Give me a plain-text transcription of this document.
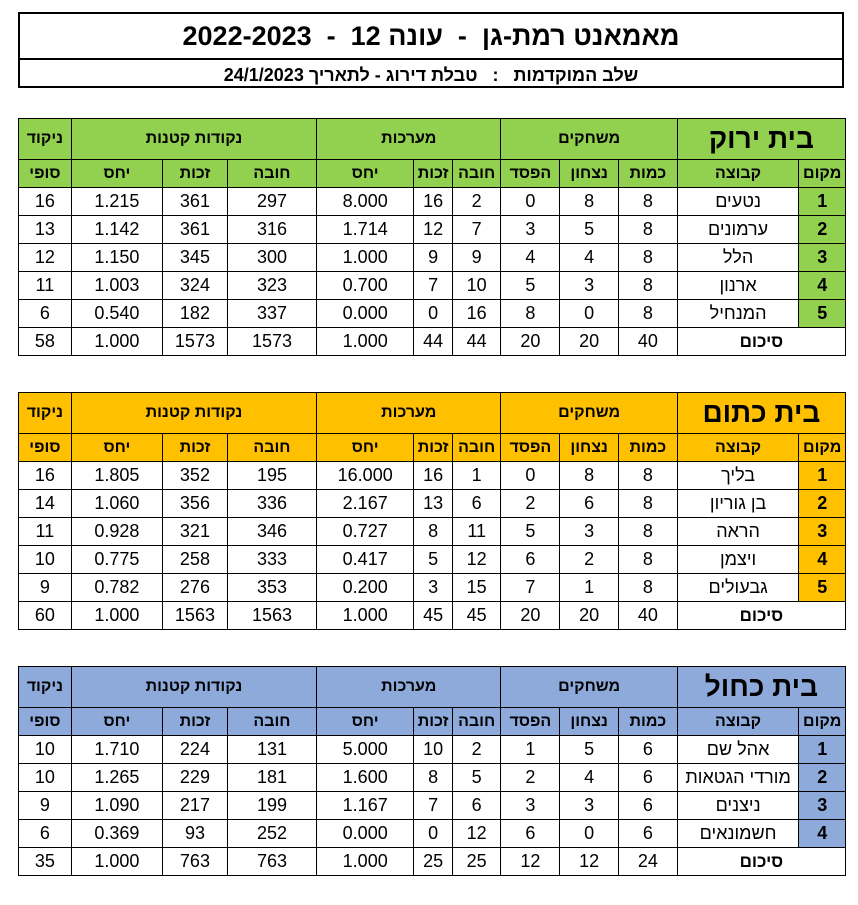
מאמאנט רמת-גן  -  עונה 12  -  2022-2023
שלב המוקדמות   :   טבלת דירוג - לתאריך 24/1/2023
בית ירוק		משחקים			מערכות			נקודות קטנות			ניקוד
מקום	קבוצה	כמות	נצחון	הפסד	חובה	זכות	יחס	חובה	זכות	יחס	סופי
1	נטעים	8	8	0	2	16	8.000	297	361	1.215	16
2	ערמונים	8	5	3	7	12	1.714	316	361	1.142	13
3	הלל	8	4	4	9	9	1.000	300	345	1.150	12
4	ארנון	8	3	5	10	7	0.700	323	324	1.003	11
5	המנחיל	8	0	8	16	0	0.000	337	182	0.540	6
סיכום		40	20	20	44	44	1.000	1573	1573	1.000	58
בית כתום		משחקים			מערכות			נקודות קטנות			ניקוד
מקום	קבוצה	כמות	נצחון	הפסד	חובה	זכות	יחס	חובה	זכות	יחס	סופי
1	בליך	8	8	0	1	16	16.000	195	352	1.805	16
2	בן גוריון	8	6	2	6	13	2.167	336	356	1.060	14
3	הראה	8	3	5	11	8	0.727	346	321	0.928	11
4	ויצמן	8	2	6	12	5	0.417	333	258	0.775	10
5	גבעולים	8	1	7	15	3	0.200	353	276	0.782	9
סיכום		40	20	20	45	45	1.000	1563	1563	1.000	60
בית כחול		משחקים			מערכות			נקודות קטנות			ניקוד
מקום	קבוצה	כמות	נצחון	הפסד	חובה	זכות	יחס	חובה	זכות	יחס	סופי
1	אהל שם	6	5	1	2	10	5.000	131	224	1.710	10
2	מורדי הגטאות	6	4	2	5	8	1.600	181	229	1.265	10
3	ניצנים	6	3	3	6	7	1.167	199	217	1.090	9
4	חשמונאים	6	0	6	12	0	0.000	252	93	0.369	6
סיכום		24	12	12	25	25	1.000	763	763	1.000	35
